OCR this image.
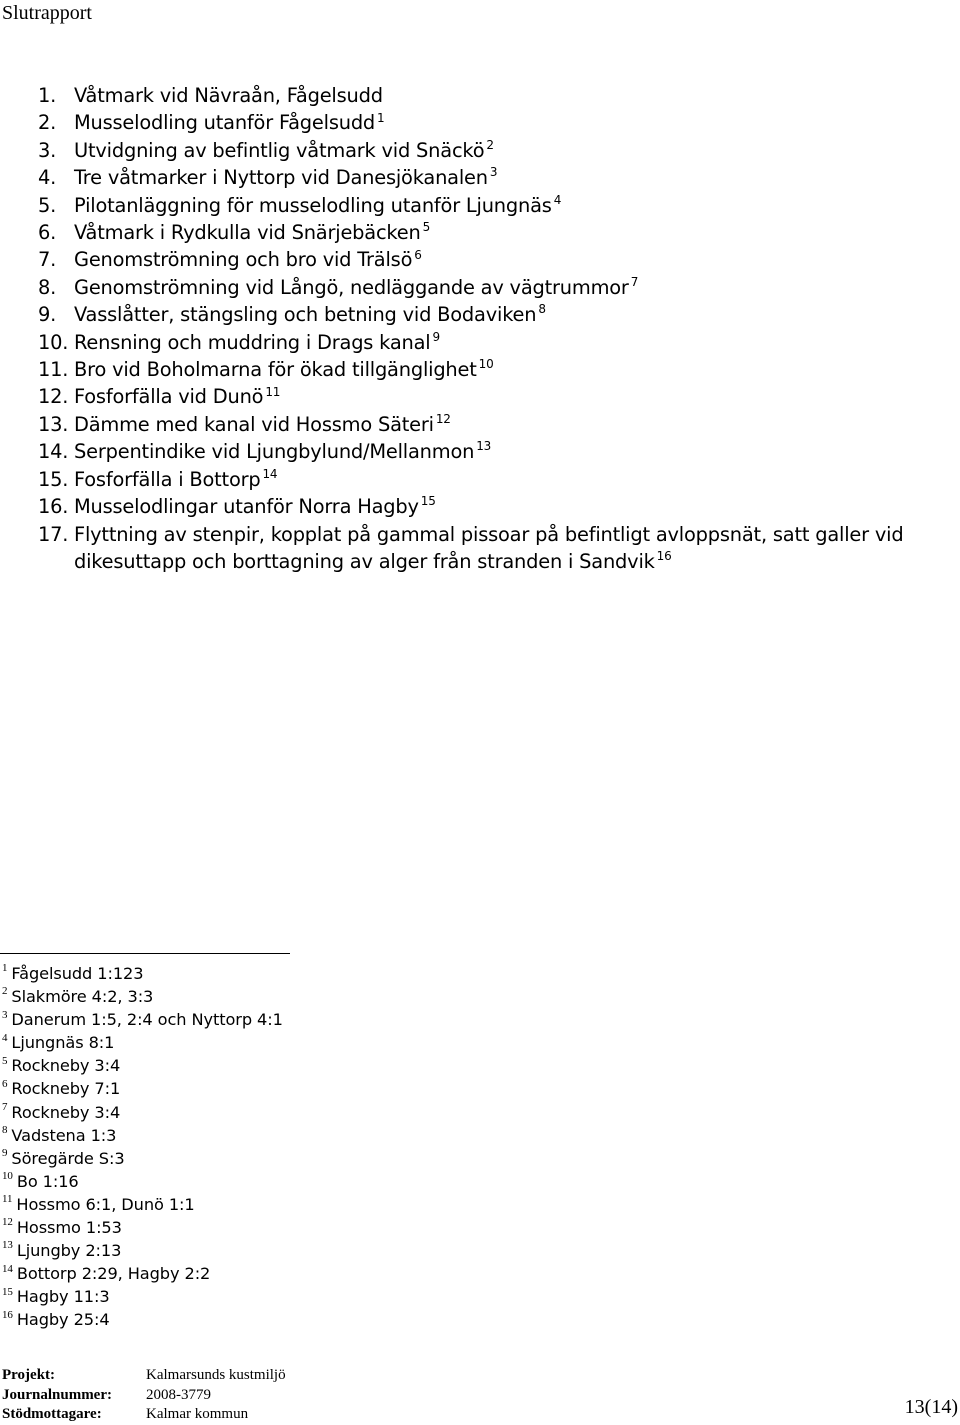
Slutrapport
1. Våtmark vid Nävraån, Fågelsudd
2. Musselodling utanför Fågelsudd $^1$
3. Utvidgning av befintlig våtmark vid Snäckö $^2$
4. Tre våtmarker i Nyttorp vid Danesjökanalen $^3$
5. Pilotanläggning för musselodling utanför Ljungnäs $^4$
6. Våtmark i Rydkulla vid Snärjebäcken $^5$
7. Genomströmning och bro vid Trälsö $^6$
8. Genomströmning vid Långö, nedläggande av vägtrummor $^7$
9. Vasslåtter, stängsling och betning vid Bodaviken $^8$
10. Rensning och muddring i Drags kanal $^9$
11. Bro vid Boholmarna för ökad tillgänglighet $^{10}$
12. Fosforfälla vid Dunö $^{11}$
13. Dämme med kanal vid Hossmo Säteri $^{12}$
14. Serpentindike vid Ljungbylund/Mellanmon $^{13}$
15. Fosforfälla i Bottorp $^{14}$
16. Musselodlingar utanför Norra Hagby $^{15}$
17. Flyttning av stenpir, kopplat på gammal pissoar på befintligt avloppsnät, satt galler vid dikesuttapp och borttagning av alger från stranden i Sandvik $^{16}$
1 Fågelsudd 1:123
2 Slakmöre 4:2, 3:3
3 Danerum 1:5, 2:4 och Nyttorp 4:1
4 Ljungnäs 8:1
5 Rockneby 3:4
6 Rockneby 7:1
7 Rockneby 3:4
8 Vadstena 1:3
9 Söregärde S:3
10 Bo 1:16
11 Hossmo 6:1, Dunö 1:1
12 Hossmo 1:53
13 Ljungby 2:13
14 Bottorp 2:29, Hagby 2:2
15 Hagby 11:3
16 Hagby 25:4
Projekt:	Kalmarsunds kustmiljö
Journalnummer:	2008-3779
Stödmottagare:	Kalmar kommun	13(14)
